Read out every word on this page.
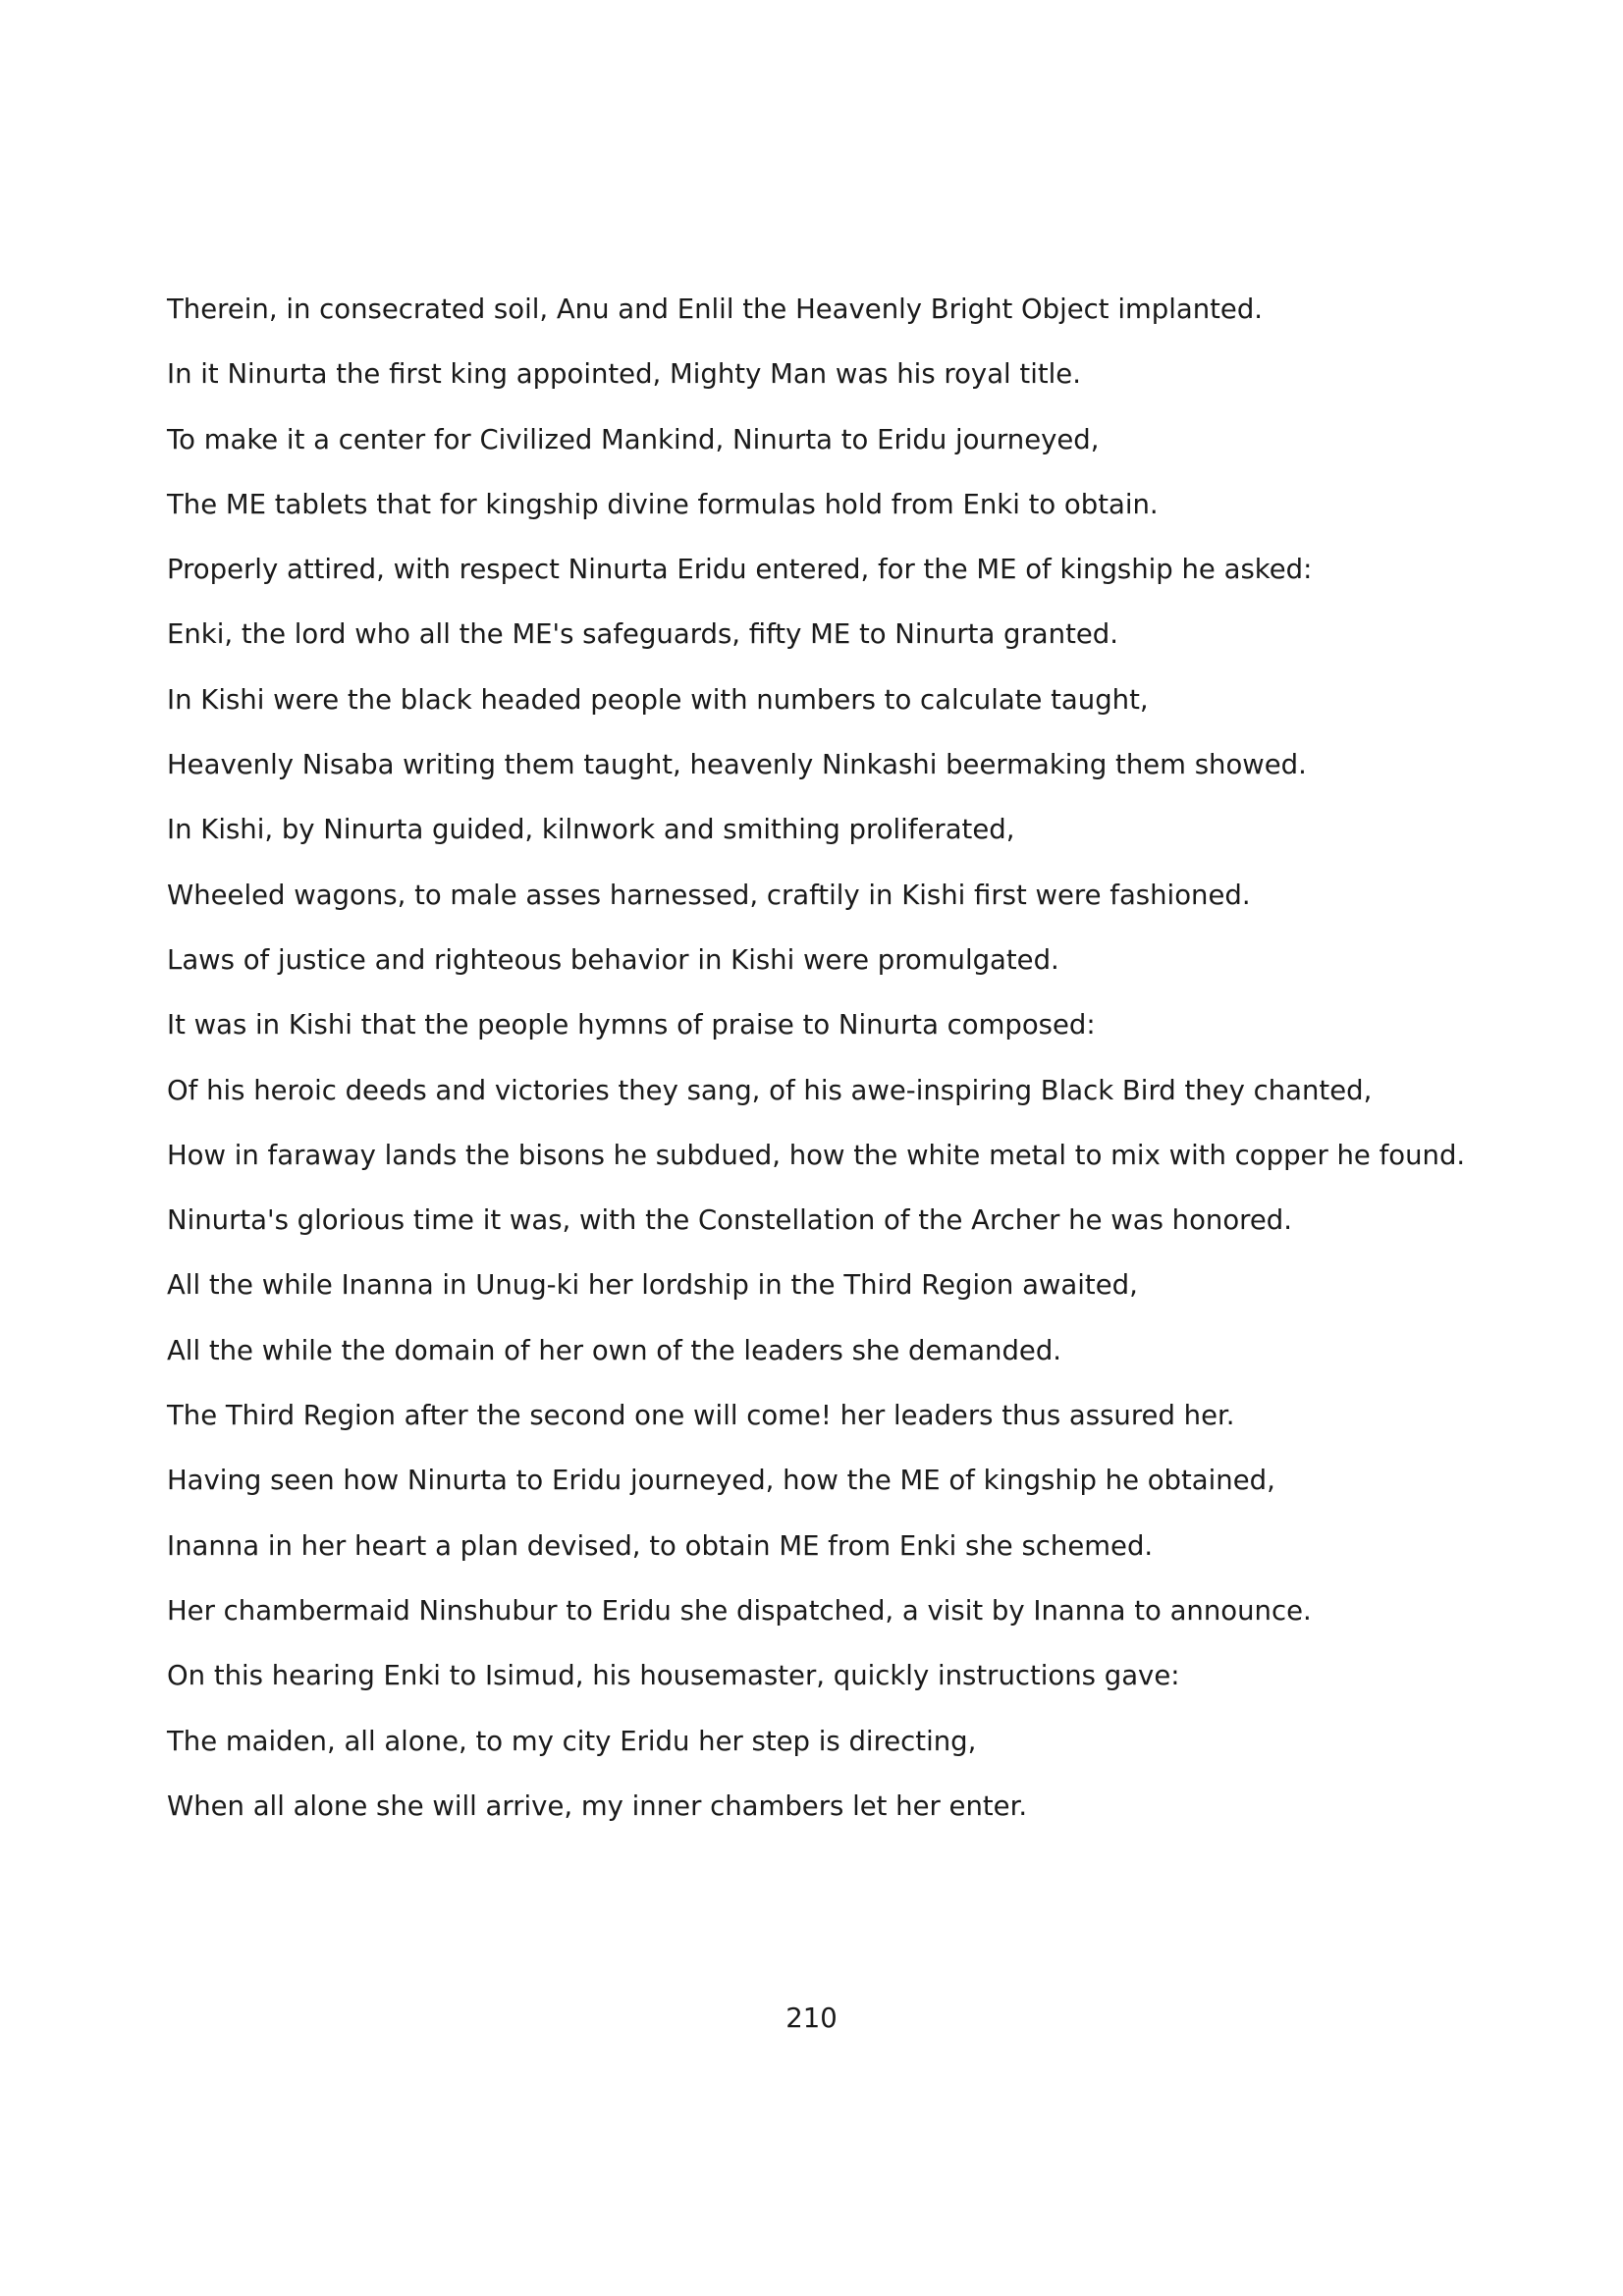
Therein, in consecrated soil, Anu and Enlil the Heavenly Bright Object implanted.

In it Ninurta the first king appointed, Mighty Man was his royal title.

To make it a center for Civilized Mankind, Ninurta to Eridu journeyed,

The ME tablets that for kingship divine formulas hold from Enki to obtain.

Properly attired, with respect Ninurta Eridu entered, for the ME of kingship he asked:

Enki, the lord who all the ME's safeguards, fifty ME to Ninurta granted.

In Kishi were the black headed people with numbers to calculate taught,

Heavenly Nisaba writing them taught, heavenly Ninkashi beermaking them showed.

In Kishi, by Ninurta guided, kilnwork and smithing proliferated,

Wheeled wagons, to male asses harnessed, craftily in Kishi first were fashioned.

Laws of justice and righteous behavior in Kishi were promulgated.

It was in Kishi that the people hymns of praise to Ninurta composed:

Of his heroic deeds and victories they sang, of his awe-inspiring Black Bird they chanted,

How in faraway lands the bisons he subdued, how the white metal to mix with copper he found.

Ninurta's glorious time it was, with the Constellation of the Archer he was honored.

All the while Inanna in Unug-ki her lordship in the Third Region awaited,

All the while the domain of her own of the leaders she demanded.

The Third Region after the second one will come! her leaders thus assured her.

Having seen how Ninurta to Eridu journeyed, how the ME of kingship he obtained,

Inanna in her heart a plan devised, to obtain ME from Enki she schemed.

Her chambermaid Ninshubur to Eridu she dispatched, a visit by Inanna to announce.

On this hearing Enki to Isimud, his housemaster, quickly instructions gave:

The maiden, all alone, to my city Eridu her step is directing,

When all alone she will arrive, my inner chambers let her enter.

210
